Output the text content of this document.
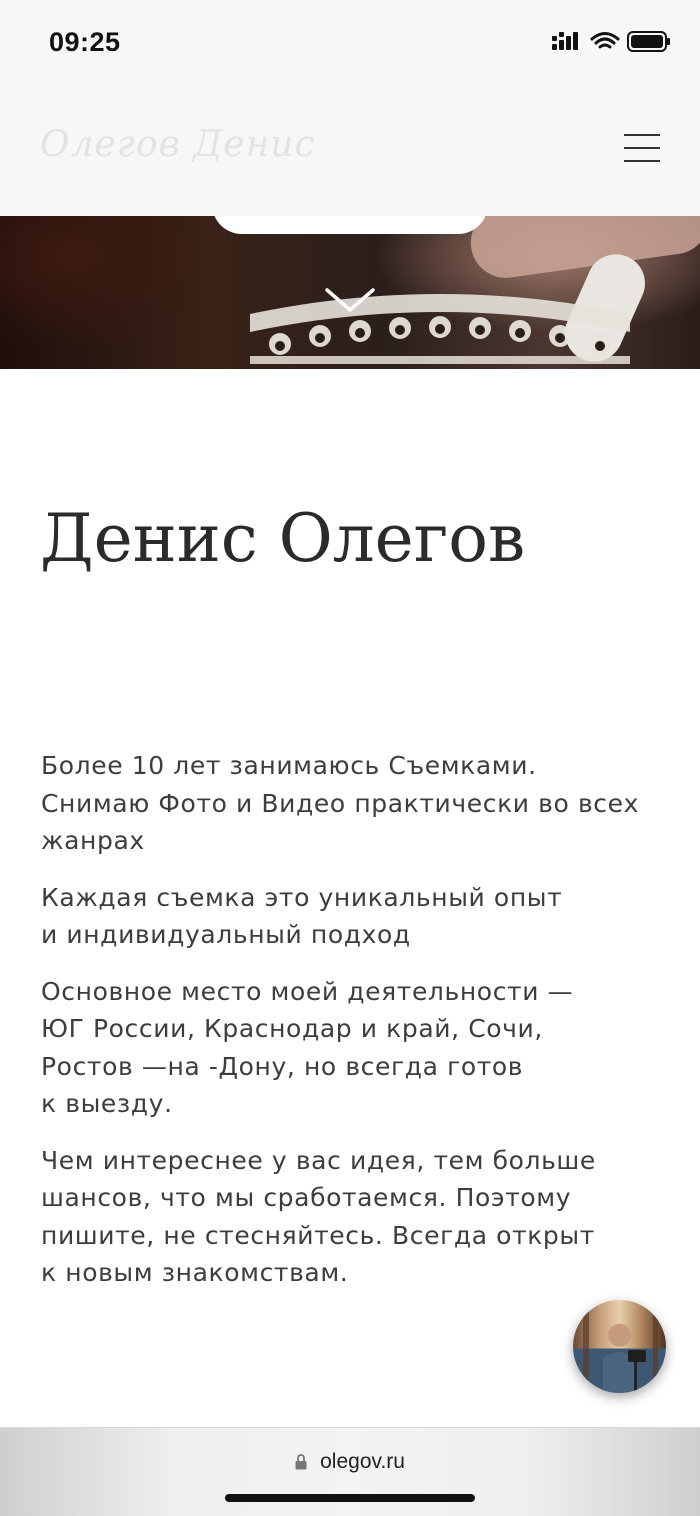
09:25
Олегов Денис
Денис Олегов

Более 10 лет занимаюсь Съемками.
Снимаю Фото и Видео практически во всех жанрах

Каждая съемка это уникальный опыт
и индивидуальный подход

Основное место моей деятельности —
ЮГ России, Краснодар и край, Сочи,
Ростов —на -Дону, но всегда готов
к выезду.

Чем интереснее у вас идея, тем больше
шансов, что мы сработаемся. Поэтому
пишите, не стесняйтесь. Всегда открыт
к новым знакомствам.

olegov.ru
